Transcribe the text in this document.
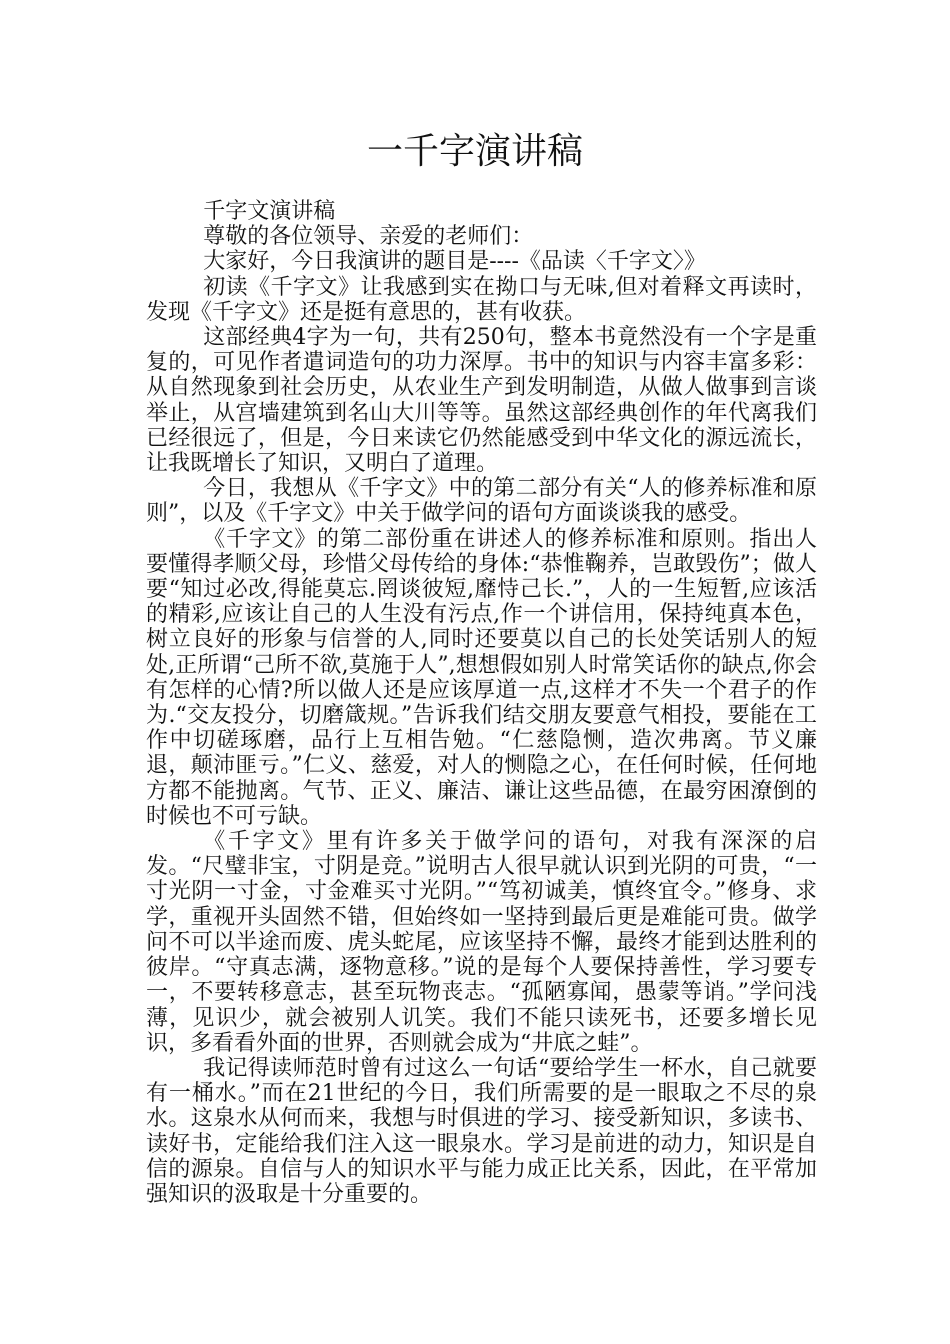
一千字演讲稿

千字文演讲稿

尊敬的各位领导、亲爱的老师们：

大家好，今日我演讲的题目是----《品读〈千字文〉》

初读《千字文》让我感到实在拗口与无味,但对着释文再读时，发现《千字文》还是挺有意思的，甚有收获。

这部经典4字为一句，共有250句，整本书竟然没有一个字是重复的，可见作者遣词造句的功力深厚。书中的知识与内容丰富多彩：从自然现象到社会历史，从农业生产到发明制造，从做人做事到言谈举止，从宫墙建筑到名山大川等等。虽然这部经典创作的年代离我们已经很远了，但是，今日来读它仍然能感受到中华文化的源远流长，让我既增长了知识，又明白了道理。

今日，我想从《千字文》中的第二部分有关“人的修养标准和原则”，以及《千字文》中关于做学问的语句方面谈谈我的感受。

《千字文》的第二部份重在讲述人的修养标准和原则。指出人要懂得孝顺父母，珍惜父母传给的身体:“恭惟鞠养，岂敢毁伤”；做人要“知过必改,得能莫忘.罔谈彼短,靡恃己长.”，人的一生短暂,应该活的精彩,应该让自己的人生没有污点,作一个讲信用，保持纯真本色，树立良好的形象与信誉的人,同时还要莫以自己的长处笑话别人的短处,正所谓“己所不欲,莫施于人”,想想假如别人时常笑话你的缺点,你会有怎样的心情?所以做人还是应该厚道一点,这样才不失一个君子的作为.“交友投分，切磨箴规。”告诉我们结交朋友要意气相投，要能在工作中切磋琢磨，品行上互相告勉。“仁慈隐恻，造次弗离。节义廉退，颠沛匪亏。”仁义、慈爱，对人的恻隐之心，在任何时候，任何地方都不能抛离。气节、正义、廉洁、谦让这些品德，在最穷困潦倒的时候也不可亏缺。

《千字文》里有许多关于做学问的语句，对我有深深的启发。“尺璧非宝，寸阴是竞。”说明古人很早就认识到光阴的可贵，“一寸光阴一寸金，寸金难买寸光阴。”“笃初诚美，慎终宜令。”修身、求学，重视开头固然不错，但始终如一坚持到最后更是难能可贵。做学问不可以半途而废、虎头蛇尾，应该坚持不懈，最终才能到达胜利的彼岸。“守真志满，逐物意移。”说的是每个人要保持善性，学习要专一，不要转移意志，甚至玩物丧志。“孤陋寡闻，愚蒙等诮。”学问浅薄，见识少，就会被别人讥笑。我们不能只读死书，还要多增长见识，多看看外面的世界，否则就会成为“井底之蛙”。

我记得读师范时曾有过这么一句话“要给学生一杯水，自己就要有一桶水。”而在21世纪的今日，我们所需要的是一眼取之不尽的泉水。这泉水从何而来，我想与时俱进的学习、接受新知识，多读书、读好书，定能给我们注入这一眼泉水。学习是前进的动力，知识是自信的源泉。自信与人的知识水平与能力成正比关系，因此，在平常加强知识的汲取是十分重要的。
